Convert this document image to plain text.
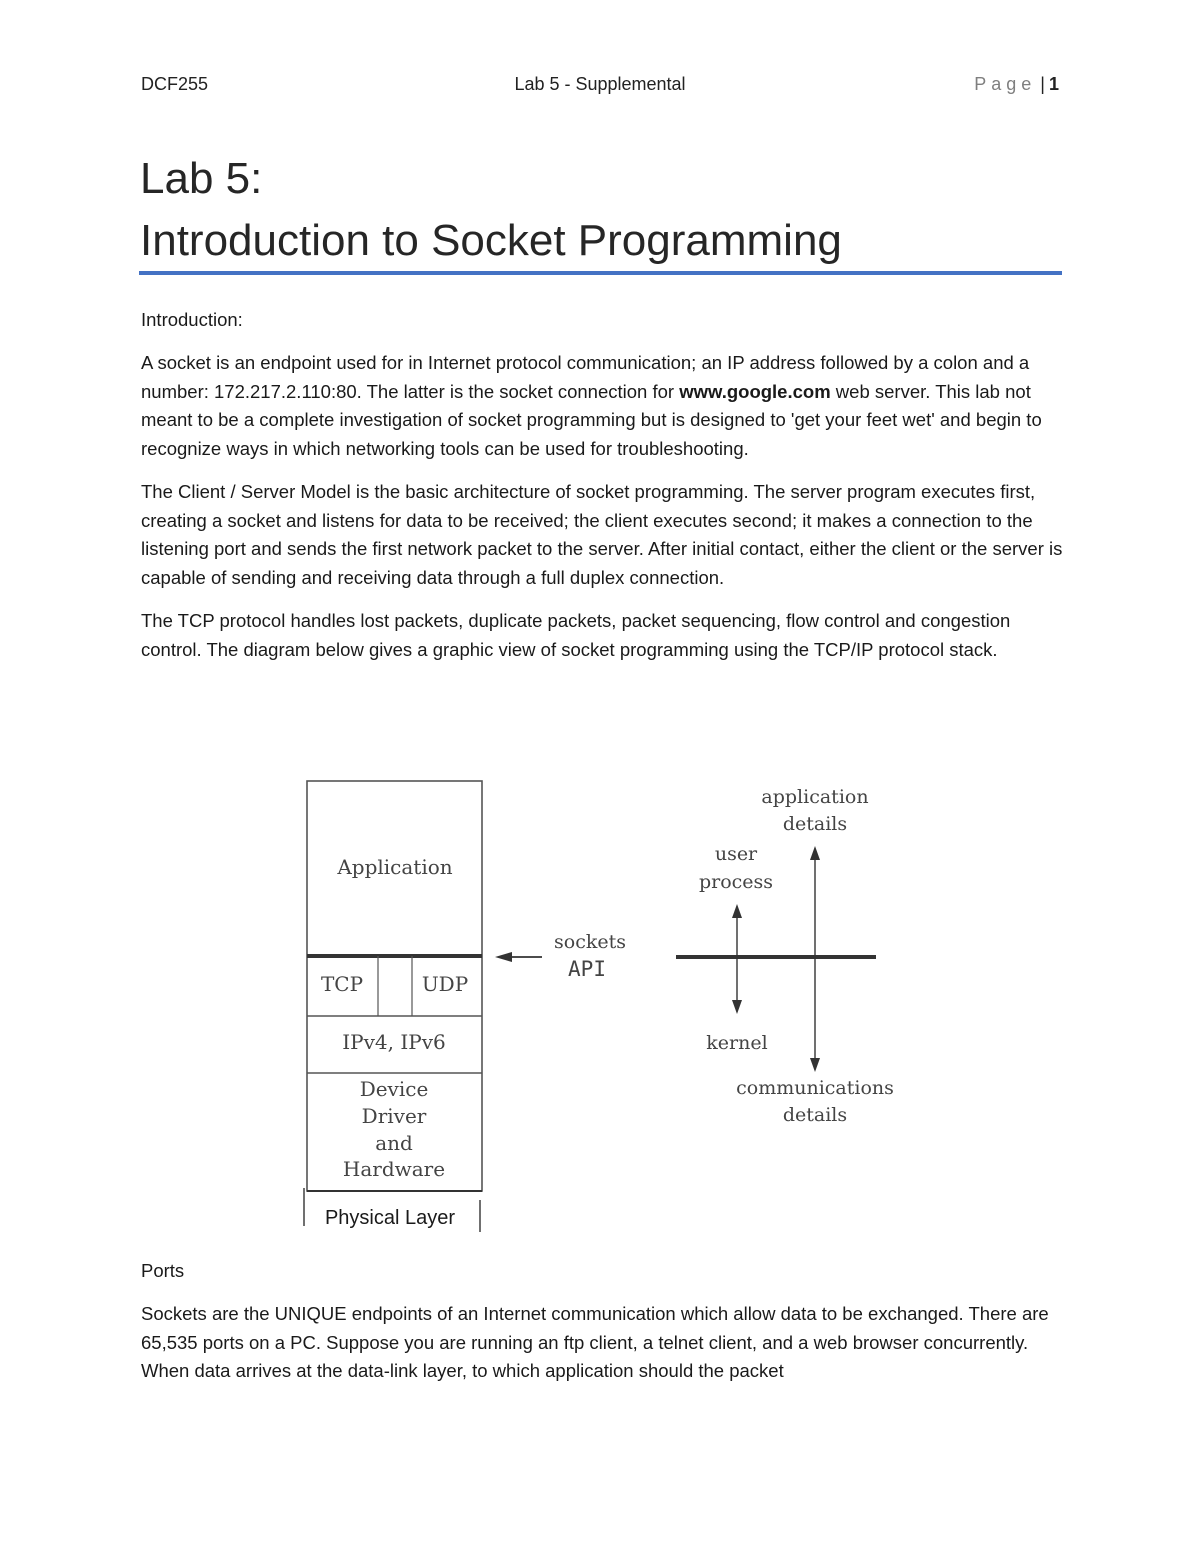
DCF255	Lab 5 - Supplemental	Page | 1
Lab 5:
Introduction to Socket Programming
Introduction:

A socket is an endpoint used for in Internet protocol communication; an IP address followed by a colon and a number: 172.217.2.110:80. The latter is the socket connection for www.google.com web server. This lab not meant to be a complete investigation of socket programming but is designed to 'get your feet wet' and begin to recognize ways in which networking tools can be used for troubleshooting.

The Client / Server Model is the basic architecture of socket programming. The server program executes first, creating a socket and listens for data to be received; the client executes second; it makes a connection to the listening port and sends the first network packet to the server. After initial contact, either the client or the server is capable of sending and receiving data through a full duplex connection.

The TCP protocol handles lost packets, duplicate packets, packet sequencing, flow control and congestion control. The diagram below gives a graphic view of socket programming using the TCP/IP protocol stack.

Application
TCP	UDP
IPv4, IPv6
Device
Driver
and
Hardware
Physical Layer
sockets
API
user
process
kernel
application
details
communications
details
Ports

Sockets are the UNIQUE endpoints of an Internet communication which allow data to be exchanged. There are 65,535 ports on a PC. Suppose you are running an ftp client, a telnet client, and a web browser concurrently. When data arrives at the data-link layer, to which application should the packet
